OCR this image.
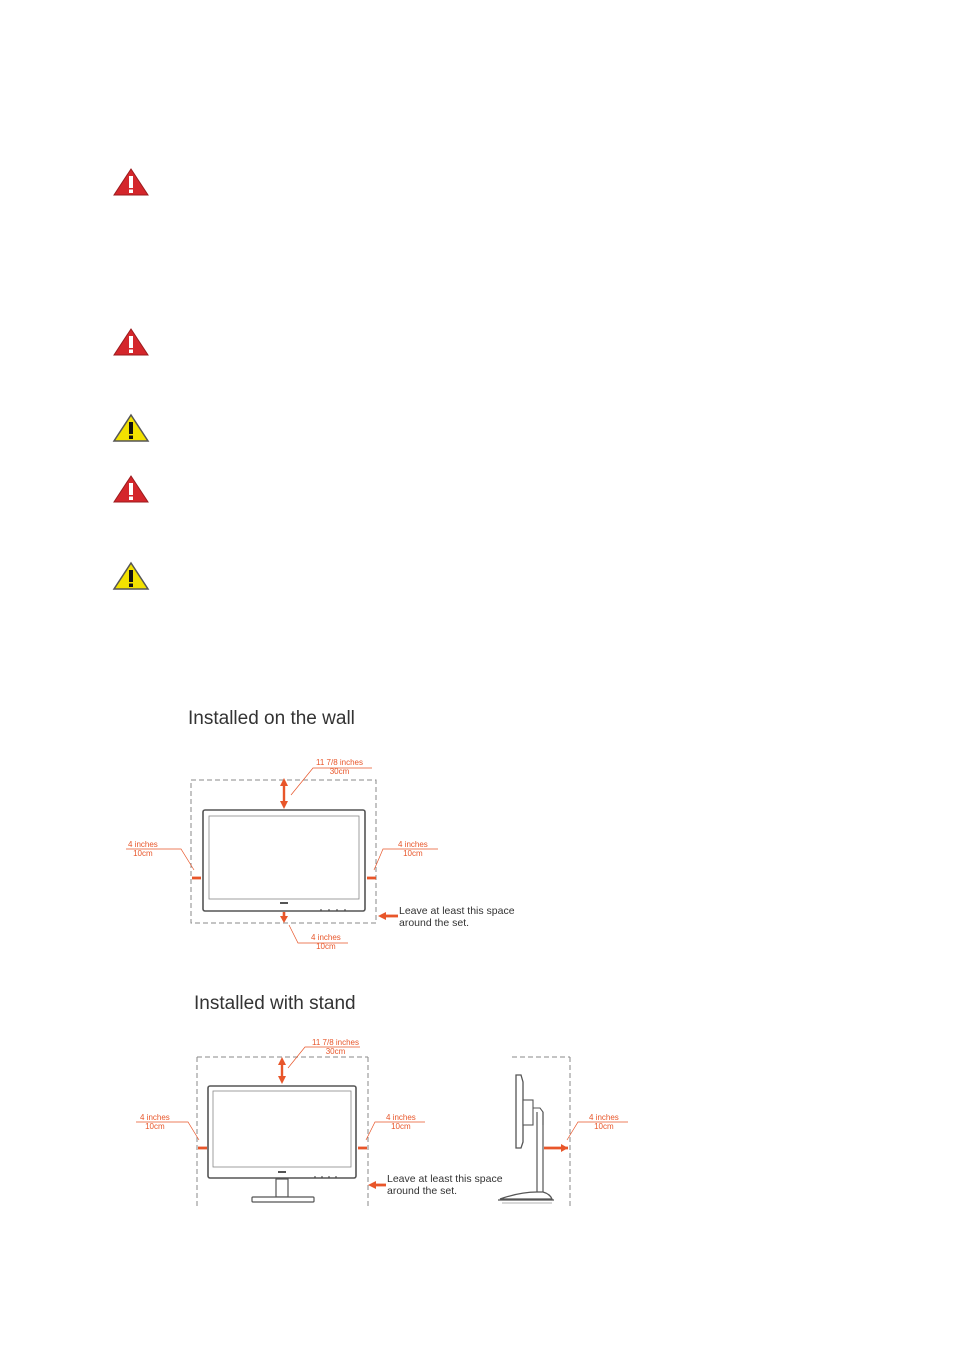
Installed on the wall
11 7/8 inches
30cm
4 inches
10cm
4 inches
10cm
4 inches
10cm
Leave at least this space
around the set.
Installed with stand
11 7/8 inches
30cm
4 inches
10cm
4 inches
10cm
4 inches
10cm
Leave at least this space
around the set.
